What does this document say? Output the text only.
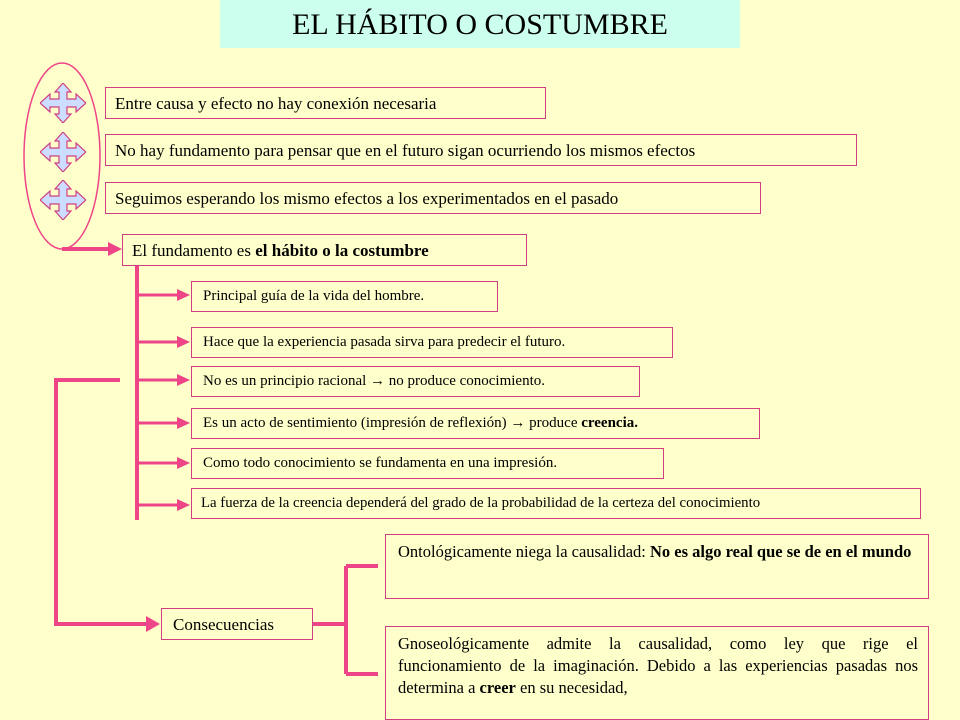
EL HÁBITO O COSTUMBRE
Entre causa y efecto no hay conexión necesaria
No hay fundamento para pensar que en el futuro sigan ocurriendo los mismos efectos
Seguimos esperando los mismo efectos a los experimentados en el pasado
El fundamento es el hábito o la costumbre
Principal guía de la vida del hombre.
Hace que la experiencia pasada sirva para predecir el futuro.
No es un principio racional → no produce conocimiento.
Es un acto de sentimiento (impresión de reflexión) → produce creencia.
Como todo conocimiento se fundamenta en una impresión.
La fuerza de la creencia dependerá del grado de la probabilidad de la certeza del conocimiento
Consecuencias
Ontológicamente niega la causalidad: No es algo real que se de en el mundo
Gnoseológicamente admite la causalidad, como ley que rige el funcionamiento de la imaginación. Debido a las experiencias pasadas nos determina a creer en su necesidad,
